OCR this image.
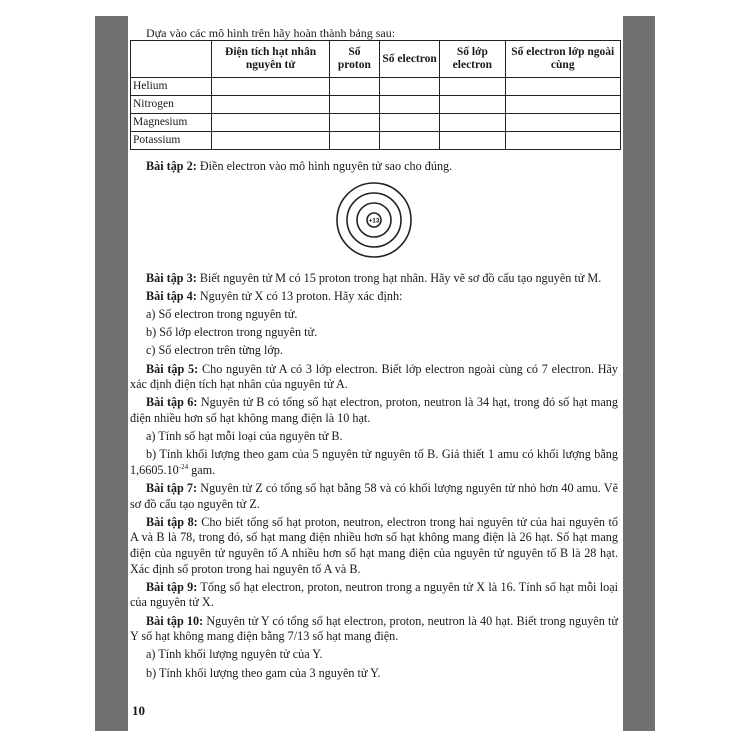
Dựa vào các mô hình trên hãy hoàn thành bảng sau:
	Điện tích hạt nhân nguyên tử	Số proton	Số electron	Số lớp electron	Số electron lớp ngoài cùng
Helium					
Nitrogen					
Magnesium					
Potassium					

Bài tập 2: Điền electron vào mô hình nguyên tử sao cho đúng.

+13

Bài tập 3: Biết nguyên tử M có 15 proton trong hạt nhân. Hãy vẽ sơ đồ cấu tạo nguyên tử M.

Bài tập 4: Nguyên tử X có 13 proton. Hãy xác định:

a) Số electron trong nguyên tử.

b) Số lớp electron trong nguyên tử.

c) Số electron trên từng lớp.

Bài tập 5: Cho nguyên tử A có 3 lớp electron. Biết lớp electron ngoài cùng có 7 electron. Hãy xác định điện tích hạt nhân của nguyên tử A.

Bài tập 6: Nguyên tử B có tổng số hạt electron, proton, neutron là 34 hạt, trong đó số hạt mang điện nhiều hơn số hạt không mang điện là 10 hạt.

a) Tính số hạt mỗi loại của nguyên tử B.

b) Tính khối lượng theo gam của 5 nguyên tử nguyên tố B. Giả thiết 1 amu có khối lượng bằng $1,6605.10^{-24}$ gam.

Bài tập 7: Nguyên tử Z có tổng số hạt bằng 58 và có khối lượng nguyên tử nhỏ hơn 40 amu. Vẽ sơ đồ cấu tạo nguyên tử Z.

Bài tập 8: Cho biết tổng số hạt proton, neutron, electron trong hai nguyên tử của hai nguyên tố A và B là 78, trong đó, số hạt mang điện nhiều hơn số hạt không mang điện là 26 hạt. Số hạt mang điện của nguyên tử nguyên tố A nhiều hơn số hạt mang điện của nguyên tử nguyên tố B là 28 hạt. Xác định số proton trong hai nguyên tố A và B.

Bài tập 9: Tổng số hạt electron, proton, neutron trong a nguyên tử X là 16. Tính số hạt mỗi loại của nguyên tử X.

Bài tập 10: Nguyên tử Y có tổng số hạt electron, proton, neutron là 40 hạt. Biết trong nguyên tử Y số hạt không mang điện bằng 7/13 số hạt mang điện.

a) Tính khối lượng nguyên tử của Y.

b) Tính khối lượng theo gam của 3 nguyên tử Y.

10
